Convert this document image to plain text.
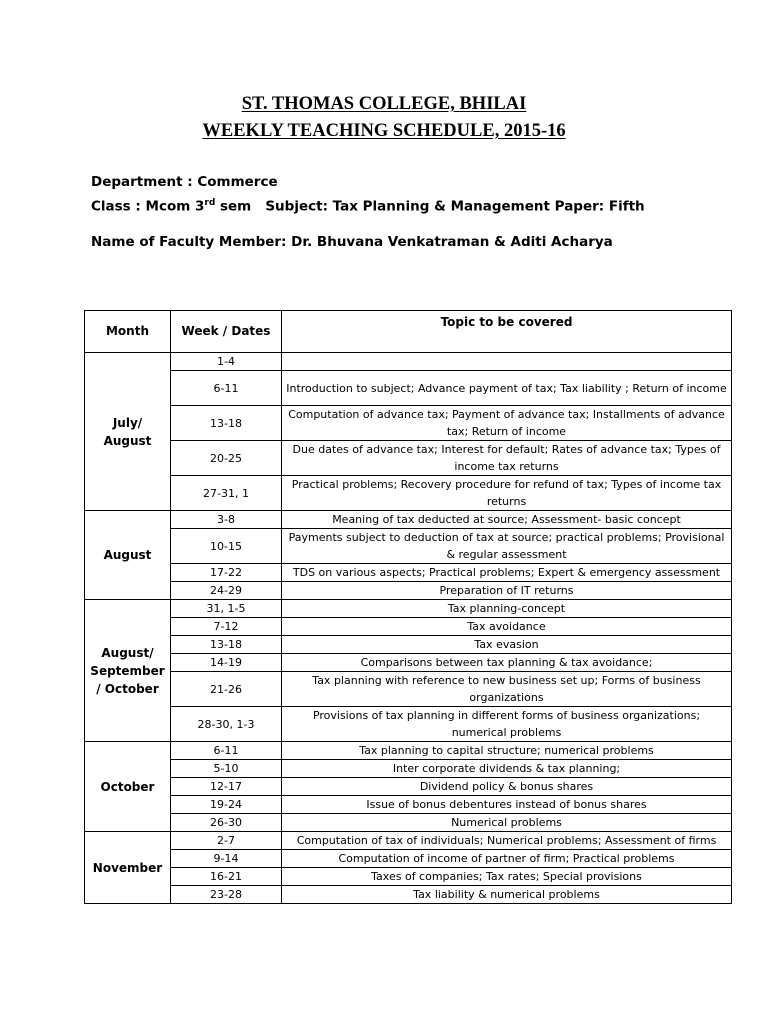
ST. THOMAS COLLEGE, BHILAI
WEEKLY TEACHING SCHEDULE, 2015-16
Department : Commerce
Class : Mcom 3rd sem   Subject: Tax Planning & Management Paper: Fifth
Name of Faculty Member: Dr. Bhuvana Venkatraman & Aditi Acharya
Month	Week / Dates	Topic to be covered
July/
August	1-4	
	6-11	Introduction to subject; Advance payment of tax; Tax liability ; Return of income
	13-18	Computation of advance tax; Payment of advance tax; Installments of advance tax; Return of income
	20-25	Due dates of advance tax; Interest for default; Rates of advance tax; Types of income tax returns
	27-31, 1	Practical problems; Recovery procedure for refund of tax; Types of income tax returns
August	3-8	Meaning of tax deducted at source; Assessment- basic concept
	10-15	Payments subject to deduction of tax at source; practical problems; Provisional & regular assessment
	17-22	TDS on various aspects; Practical problems; Expert & emergency assessment
	24-29	Preparation of IT returns
August/
September
/ October	31, 1-5	Tax planning-concept
	7-12	Tax avoidance
	13-18	Tax evasion
	14-19	Comparisons between tax planning & tax avoidance;
	21-26	Tax planning with reference to new business set up; Forms of business organizations
	28-30, 1-3	Provisions of tax planning in different forms of business organizations; numerical problems
October	6-11	Tax planning to capital structure; numerical problems
	5-10	Inter corporate dividends & tax planning;
	12-17	Dividend policy & bonus shares
	19-24	Issue of bonus debentures instead of bonus shares
	26-30	Numerical problems
November	2-7	Computation of tax of individuals; Numerical problems; Assessment of firms
	9-14	Computation of income of partner of firm; Practical problems
	16-21	Taxes of companies; Tax rates; Special provisions
	23-28	Tax liability & numerical problems
